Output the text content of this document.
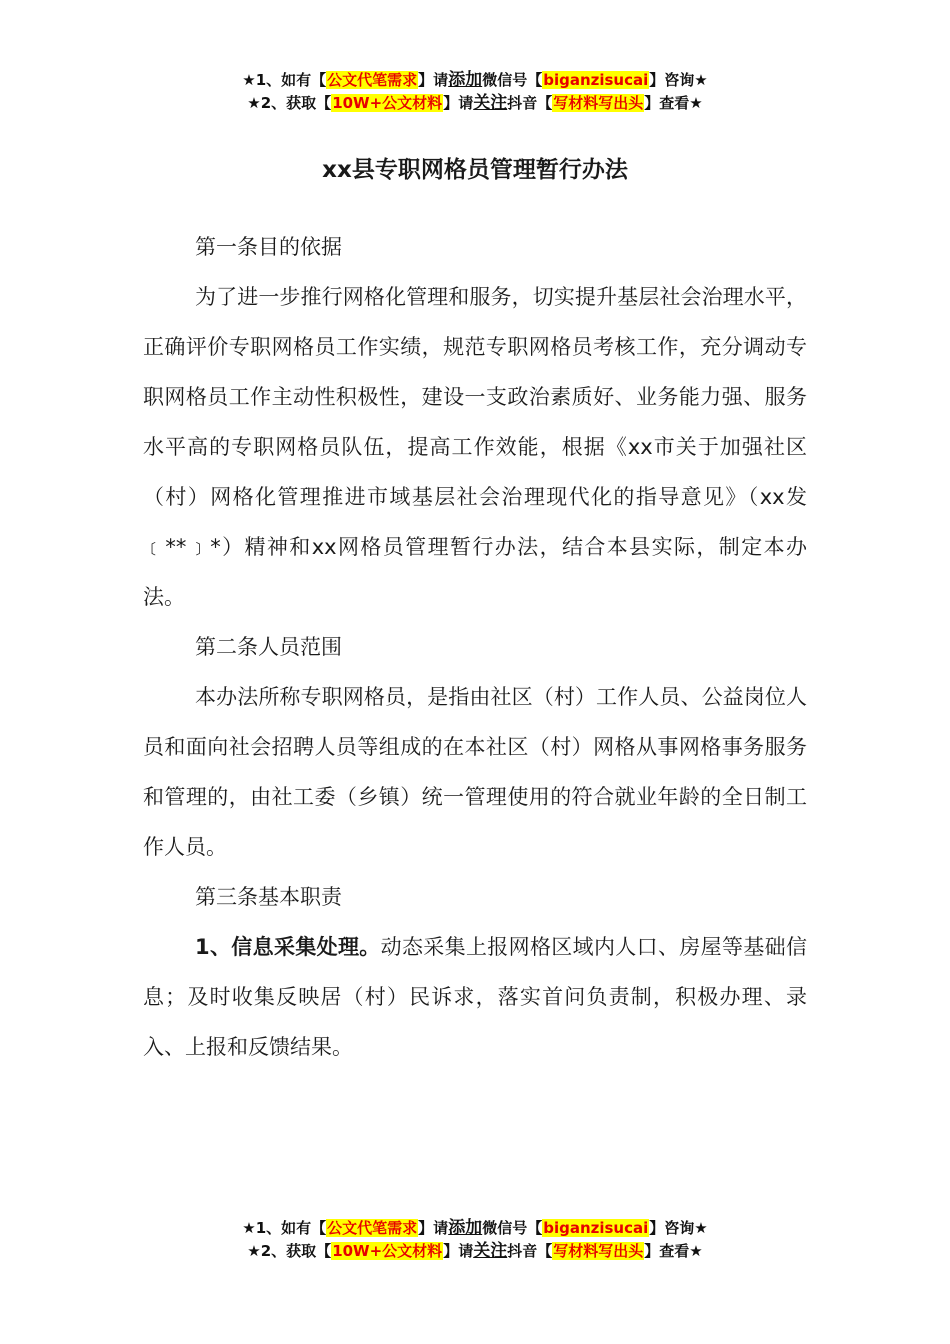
★1、如有【公文代笔需求】请添加微信号【biganzisucai】咨询★
★2、获取【10W+公文材料】请关注抖音【写材料写出头】查看★
xx县专职网格员管理暂行办法

第一条目的依据

为了进一步推行网格化管理和服务，切实提升基层社会治理水平，正确评价专职网格员工作实绩，规范专职网格员考核工作，充分调动专职网格员工作主动性积极性，建设一支政治素质好、业务能力强、服务水平高的专职网格员队伍，提高工作效能，根据《xx市关于加强社区（村）网格化管理推进市域基层社会治理现代化的指导意见》（xx发﹝**﹞*）精神和xx网格员管理暂行办法，结合本县实际，制定本办法。

第二条人员范围

本办法所称专职网格员，是指由社区（村）工作人员、公益岗位人员和面向社会招聘人员等组成的在本社区（村）网格从事网格事务服务和管理的，由社工委（乡镇）统一管理使用的符合就业年龄的全日制工作人员。

第三条基本职责

1、信息采集处理。动态采集上报网格区域内人口、房屋等基础信息；及时收集反映居（村）民诉求，落实首问负责制，积极办理、录入、上报和反馈结果。

★1、如有【公文代笔需求】请添加微信号【biganzisucai】咨询★
★2、获取【10W+公文材料】请关注抖音【写材料写出头】查看★
